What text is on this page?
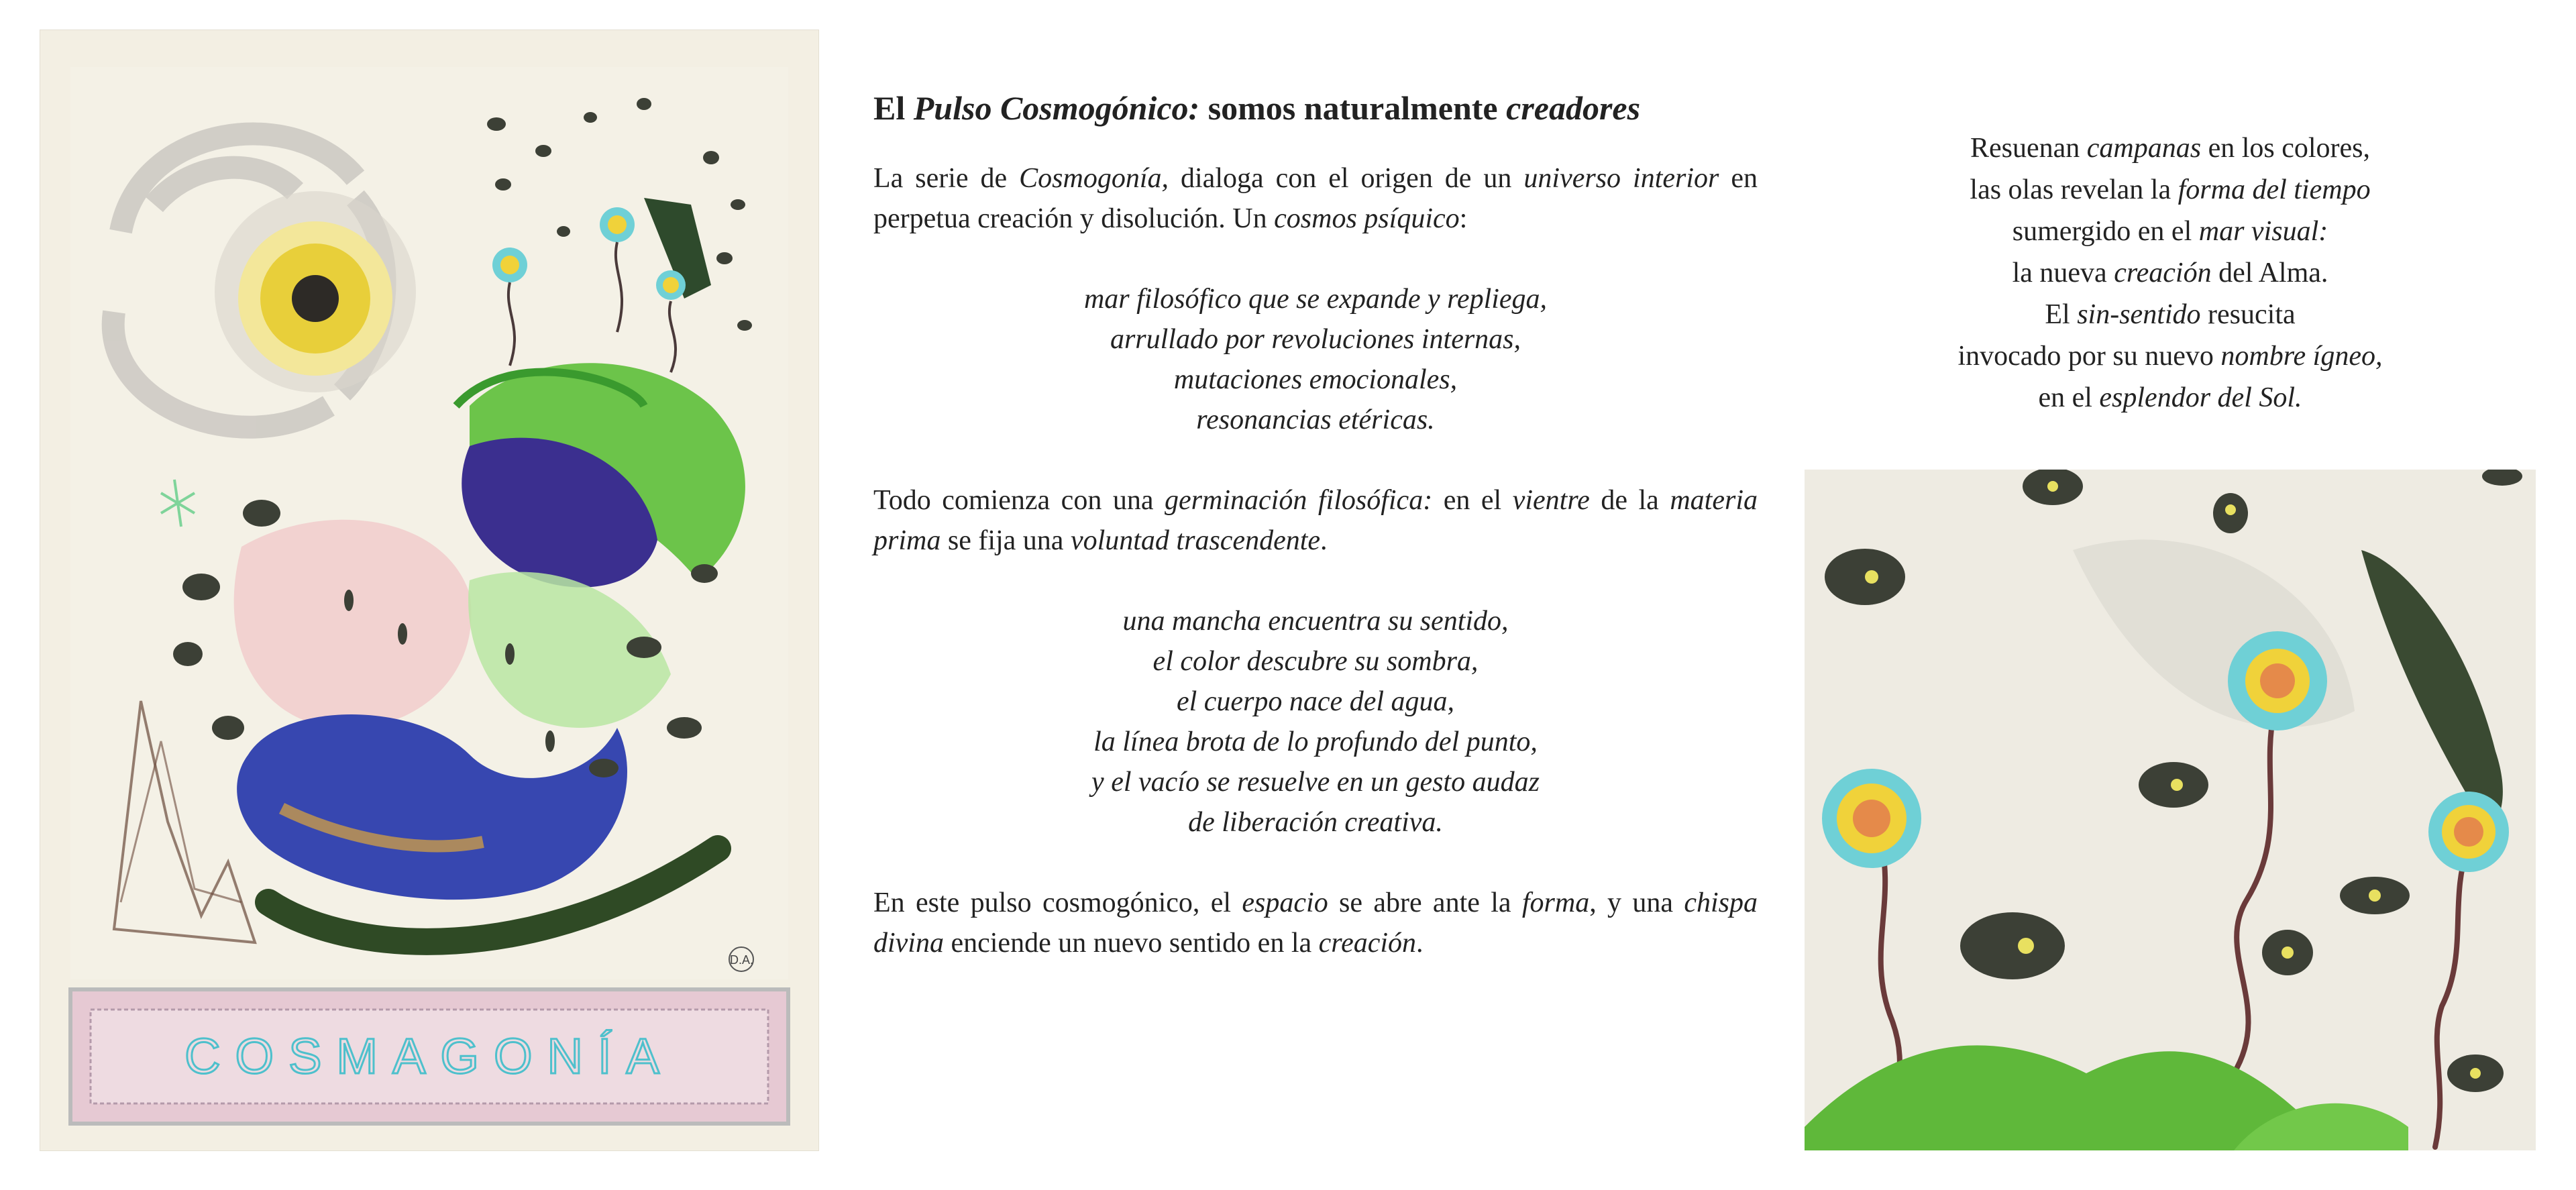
D.A.
COSMAGONÍA
El Pulso Cosmogónico: somos naturalmente creadores

La serie de Cosmogonía, dialoga con el origen de un universo interior en perpetua creación y disolución. Un cosmos psíquico:

mar filosófico que se expande y repliega,
arrullado por revoluciones internas,
mutaciones emocionales,
resonancias etéricas.

Todo comienza con una germinación filosófica: en el vientre de la materia prima se fija una voluntad trascendente.

una mancha encuentra su sentido,
el color descubre su sombra,
el cuerpo nace del agua,
la línea brota de lo profundo del punto,
y el vacío se resuelve en un gesto audaz
de liberación creativa.

En este pulso cosmogónico, el espacio se abre ante la forma, y una chispa divina enciende un nuevo sentido en la creación.

Resuenan campanas en los colores,
las olas revelan la forma del tiempo
sumergido en el mar visual:
la nueva creación del Alma.
El sin-sentido resucita
invocado por su nuevo nombre ígneo,
en el esplendor del Sol.
